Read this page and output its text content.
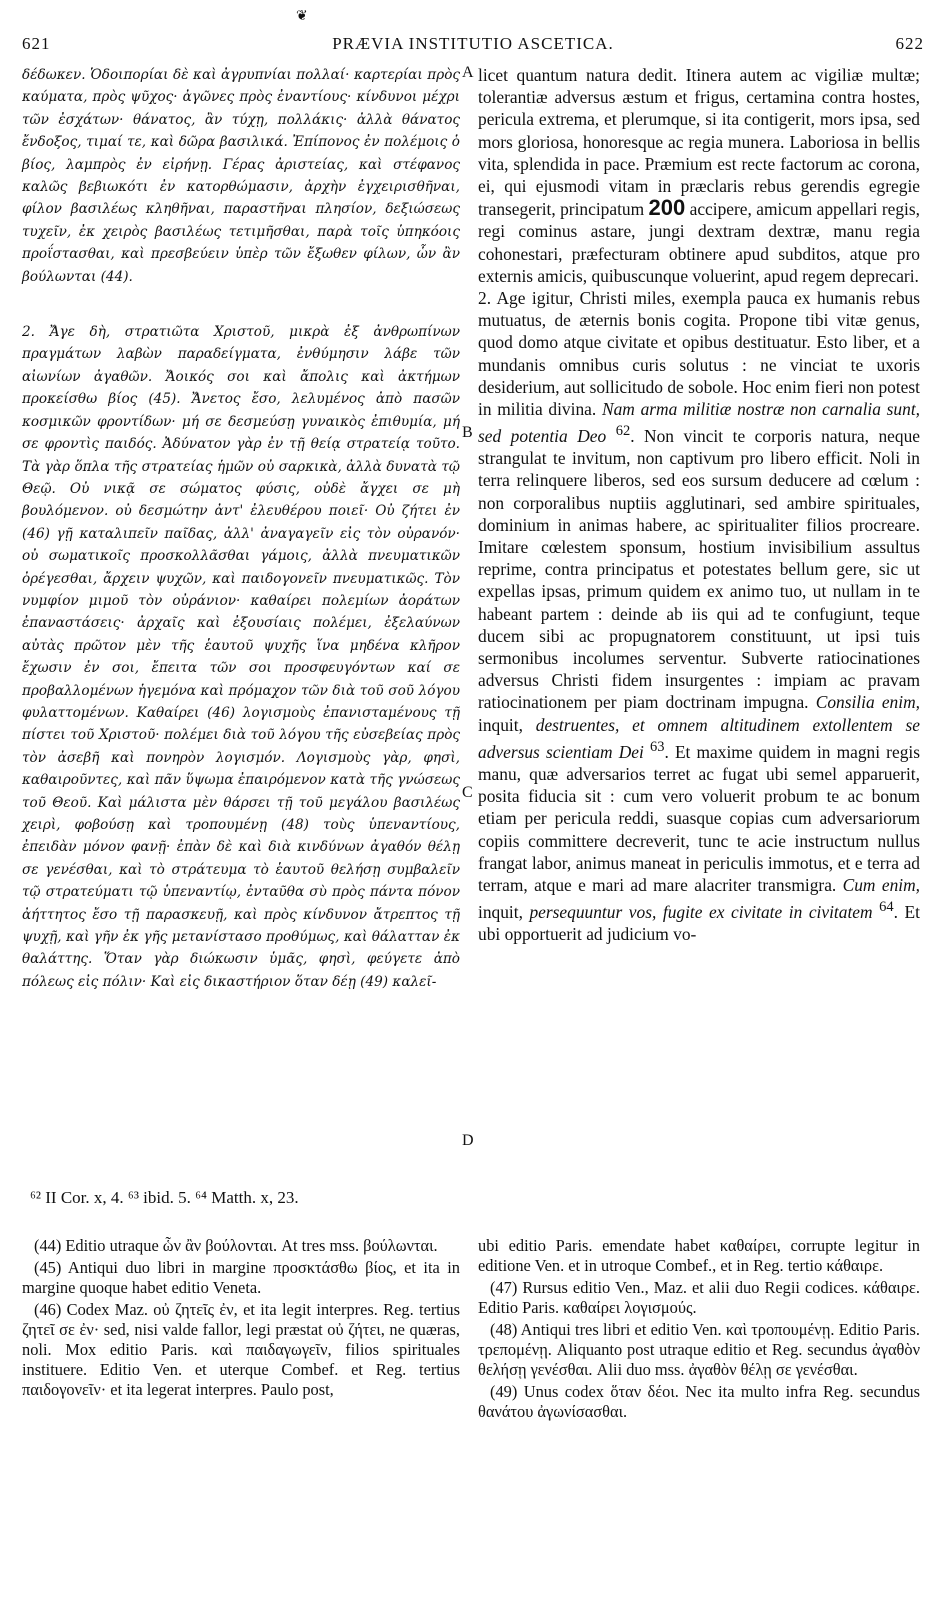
❦
621	PRÆVIA INSTITUTIO ASCETICA.	622

δέδωκεν. Ὁδοιπορίαι δὲ καὶ ἀγρυπνίαι πολλαί· καρτερίαι πρὸς καύματα, πρὸς ψῦχος· ἀγῶνες πρὸς ἐναντίους· κίνδυνοι μέχρι τῶν ἐσχάτων· θάνατος, ἂν τύχῃ, πολλάκις· ἀλλὰ θάνατος ἔνδοξος, τιμαί τε, καὶ δῶρα βασιλικά. Ἐπίπονος ἐν πολέμοις ὁ βίος, λαμπρὸς ἐν εἰρήνῃ. Γέρας ἀριστείας, καὶ στέφανος καλῶς βεβιωκότι ἐν κατορθώμασιν, ἀρχὴν ἐγχειρισθῆναι, φίλον βασιλέως κληθῆναι, παραστῆναι πλησίον, δεξιώσεως τυχεῖν, ἐκ χειρὸς βασιλέως τετιμῆσθαι, παρὰ τοῖς ὑπηκόοις προΐστασθαι, καὶ πρεσβεύειν ὑπὲρ τῶν ἔξωθεν φίλων, ὧν ἂν βούλωνται (44).

2. Ἄγε δὴ, στρατιῶτα Χριστοῦ, μικρὰ ἐξ ἀνθρωπίνων πραγμάτων λαβὼν παραδείγματα, ἐνθύμησιν λάβε τῶν αἰωνίων ἀγαθῶν. Ἄοικός σοι καὶ ἄπολις καὶ ἀκτήμων προκείσθω βίος (45). Ἄνετος ἔσο, λελυμένος ἀπὸ πασῶν κοσμικῶν φροντίδων· μή σε δεσμεύσῃ γυναικὸς ἐπιθυμία, μή σε φροντὶς παιδός. Ἀδύνατον γὰρ ἐν τῇ θείᾳ στρατείᾳ τοῦτο. Τὰ γὰρ ὅπλα τῆς στρατείας ἡμῶν οὐ σαρκικὰ, ἀλλὰ δυνατὰ τῷ Θεῷ. Οὐ νικᾷ σε σώματος φύσις, οὐδὲ ἄγχει σε μὴ βουλόμενον. οὐ δεσμώτην ἀντ' ἐλευθέρου ποιεῖ· Οὐ ζήτει ἐν (46) γῇ καταλιπεῖν παῖδας, ἀλλ' ἀναγαγεῖν εἰς τὸν οὐρανόν· οὐ σωματικοῖς προσκολλᾶσθαι γάμοις, ἀλλὰ πνευματικῶν ὀρέγεσθαι, ἄρχειν ψυχῶν, καὶ παιδογονεῖν πνευματικῶς. Τὸν νυμφίον μιμοῦ τὸν οὐράνιον· καθαίρει πολεμίων ἀοράτων ἐπαναστάσεις· ἀρχαῖς καὶ ἐξουσίαις πολέμει, ἐξελαύνων αὐτὰς πρῶτον μὲν τῆς ἑαυτοῦ ψυχῆς ἵνα μηδένα κλῆρον ἔχωσιν ἐν σοι, ἔπειτα τῶν σοι προσφευγόντων καί σε προβαλλομένων ἡγεμόνα καὶ πρόμαχον τῶν διὰ τοῦ σοῦ λόγου φυλαττομένων. Καθαίρει (46) λογισμοὺς ἐπανισταμένους τῇ πίστει τοῦ Χριστοῦ· πολέμει διὰ τοῦ λόγου τῆς εὐσεβείας πρὸς τὸν ἀσεβῆ καὶ πονηρὸν λογισμόν. Λογισμοὺς γὰρ, φησὶ, καθαιροῦντες, καὶ πᾶν ὕψωμα ἐπαιρόμενον κατὰ τῆς γνώσεως τοῦ Θεοῦ. Καὶ μάλιστα μὲν θάρσει τῇ τοῦ μεγάλου βασιλέως χειρὶ, φοβούσῃ καὶ τροπουμένῃ (48) τοὺς ὑπεναντίους, ἐπειδὰν μόνον φανῇ· ἐπὰν δὲ καὶ διὰ κινδύνων ἀγαθόν θέλῃ σε γενέσθαι, καὶ τὸ στράτευμα τὸ ἑαυτοῦ θελήσῃ συμβαλεῖν τῷ στρατεύματι τῷ ὑπεναντίῳ, ἐνταῦθα σὺ πρὸς πάντα πόνον ἀήττητος ἔσο τῇ παρασκευῇ, καὶ πρὸς κίνδυνον ἄτρεπτος τῇ ψυχῇ, καὶ γῆν ἐκ γῆς μετανίστασο προθύμως, καὶ θάλατταν ἐκ θαλάττης. Ὅταν γὰρ διώκωσιν ὑμᾶς, φησὶ, φεύγετε ἀπὸ πόλεως εἰς πόλιν· Καὶ εἰς δικαστήριον ὅταν δέῃ (49) καλεῖ-

A
B
C
D

licet quantum natura dedit. Itinera autem ac vigiliæ multæ; tolerantiæ adversus æstum et frigus, certamina contra hostes, pericula extrema, et plerumque, si ita contigerit, mors ipsa, sed mors gloriosa, honoresque ac regia munera. Laboriosa in bellis vita, splendida in pace. Præmium est recte factorum ac corona, ei, qui ejusmodi vitam in præclaris rebus gerendis egregie transegerit, principatum 200 accipere, amicum appellari regis, regi cominus astare, jungi dextram dextræ, manu regia cohonestari, præfecturam obtinere apud subditos, atque pro externis amicis, quibuscunque voluerint, apud regem deprecari.

2. Age igitur, Christi miles, exempla pauca ex humanis rebus mutuatus, de æternis bonis cogita. Propone tibi vitæ genus, quod domo atque civitate et opibus destituatur. Esto liber, et a mundanis omnibus curis solutus : ne vinciat te uxoris desiderium, aut sollicitudo de sobole. Hoc enim fieri non potest in militia divina. Nam arma militiæ nostræ non carnalia sunt, sed potentia Deo $^{62}$. Non vincit te corporis natura, neque strangulat te invitum, non captivum pro libero efficit. Noli in terra relinquere liberos, sed eos sursum deducere ad cœlum : non corporalibus nuptiis agglutinari, sed ambire spirituales, dominium in animas habere, ac spiritualiter filios procreare. Imitare cœlestem sponsum, hostium invisibilium assultus reprime, contra principatus et potestates bellum gere, sic ut expellas ipsas, primum quidem ex animo tuo, ut nullam in te habeant partem : deinde ab iis qui ad te confugiunt, teque ducem sibi ac propugnatorem constituunt, ut ipsi tuis sermonibus incolumes serventur. Subverte ratiocinationes adversus Christi fidem insurgentes : impiam ac pravam ratiocinationem per piam doctrinam impugna. Consilia enim, inquit, destruentes, et omnem altitudinem extollentem se adversus scientiam Dei $^{63}$. Et maxime quidem in magni regis manu, quæ adversarios terret ac fugat ubi semel apparuerit, posita fiducia sit : cum vero voluerit probum te ac bonum etiam per pericula reddi, suasque copias cum adversariorum copiis committere decreverit, tunc te acie instructum nullus frangat labor, animus maneat in periculis immotus, et e terra ad terram, atque e mari ad mare alacriter transmigra. Cum enim, inquit, persequuntur vos, fugite ex civitate in civitatem $^{64}$. Et ubi opportuerit ad judicium vo-

⁶² II Cor. x, 4. ⁶³ ibid. 5. ⁶⁴ Matth. x, 23.

(44) Editio utraque ὧν ἂν βούλονται. At tres mss. βούλωνται.

(45) Antiqui duo libri in margine προσκτάσθω βίος, et ita in margine quoque habet editio Veneta.

(46) Codex Maz. οὐ ζητεῖς ἐν, et ita legit interpres. Reg. tertius ζητεῖ σε ἐν· sed, nisi valde fallor, legi præstat οὐ ζήτει, ne quæras, noli. Mox editio Paris. καὶ παιδαγωγεῖν, filios spirituales instituere. Editio Ven. et uterque Combef. et Reg. tertius παιδογονεῖν· et ita legerat interpres. Paulo post,

ubi editio Paris. emendate habet καθαίρει, corrupte legitur in editione Ven. et in utroque Combef., et in Reg. tertio κάθαιρε.

(47) Rursus editio Ven., Maz. et alii duo Regii codices. κάθαιρε. Editio Paris. καθαίρει λογισμούς.

(48) Antiqui tres libri et editio Ven. καὶ τροπουμένῃ. Editio Paris. τρεπομένῃ. Aliquanto post utraque editio et Reg. secundus ἀγαθὸν θελήσῃ γενέσθαι. Alii duo mss. ἀγαθὸν θέλῃ σε γενέσθαι.

(49) Unus codex ὅταν δέοι. Nec ita multo infra Reg. secundus θανάτου ἀγωνίσασθαι.
